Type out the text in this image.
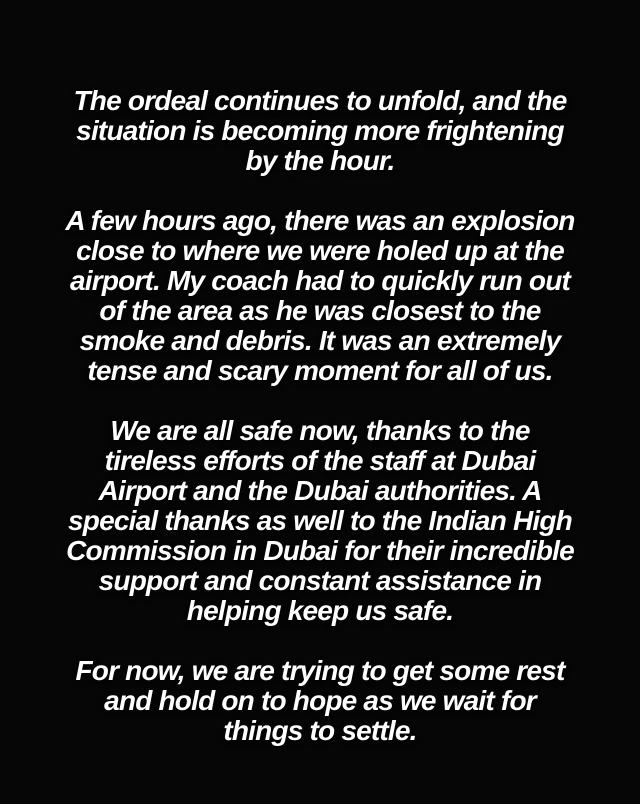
The ordeal continues to unfold, and the
situation is becoming more frightening
by the hour.

A few hours ago, there was an explosion
close to where we were holed up at the
airport. My coach had to quickly run out
of the area as he was closest to the
smoke and debris. It was an extremely
tense and scary moment for all of us.

We are all safe now, thanks to the
tireless efforts of the staff at Dubai
Airport and the Dubai authorities. A
special thanks as well to the Indian High
Commission in Dubai for their incredible
support and constant assistance in
helping keep us safe.

For now, we are trying to get some rest
and hold on to hope as we wait for
things to settle.
